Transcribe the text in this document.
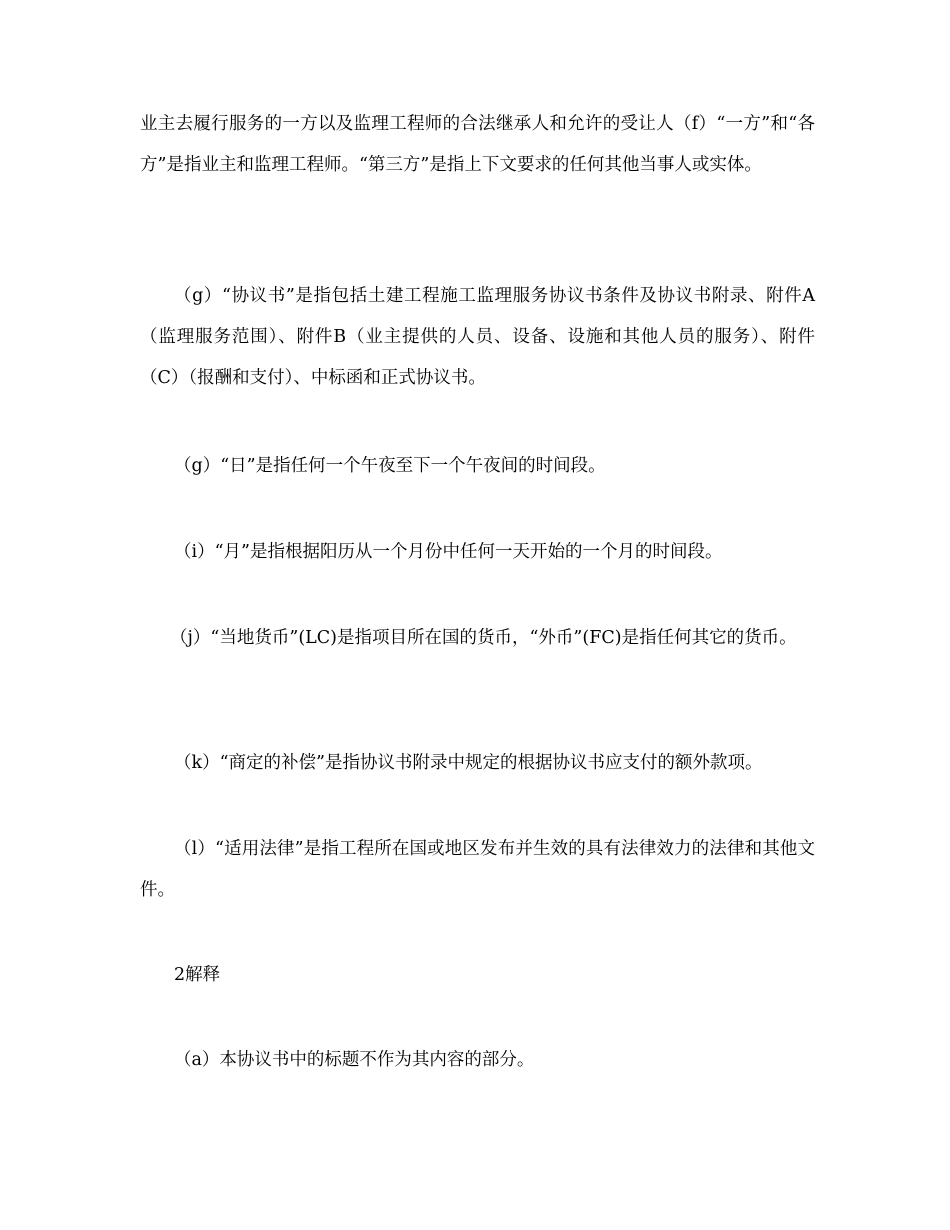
业主去履行服务的一方以及监理工程师的合法继承人和允许的受让人（f）“一方”和“各方”是指业主和监理工程师。“第三方”是指上下文要求的任何其他当事人或实体。

（g）“协议书”是指包括土建工程施工监理服务协议书条件及协议书附录、附件A（监理服务范围）、附件B（业主提供的人员、设备、设施和其他人员的服务）、附件（C）（报酬和支付）、中标函和正式协议书。

（g）“日”是指任何一个午夜至下一个午夜间的时间段。

（i）“月”是指根据阳历从一个月份中任何一天开始的一个月的时间段。

（j）“当地货币”(LC)是指项目所在国的货币，“外币”(FC)是指任何其它的货币。

（k）“商定的补偿”是指协议书附录中规定的根据协议书应支付的额外款项。

（l）“适用法律”是指工程所在国或地区发布并生效的具有法律效力的法律和其他文件。

2解释

（a）本协议书中的标题不作为其内容的部分。
